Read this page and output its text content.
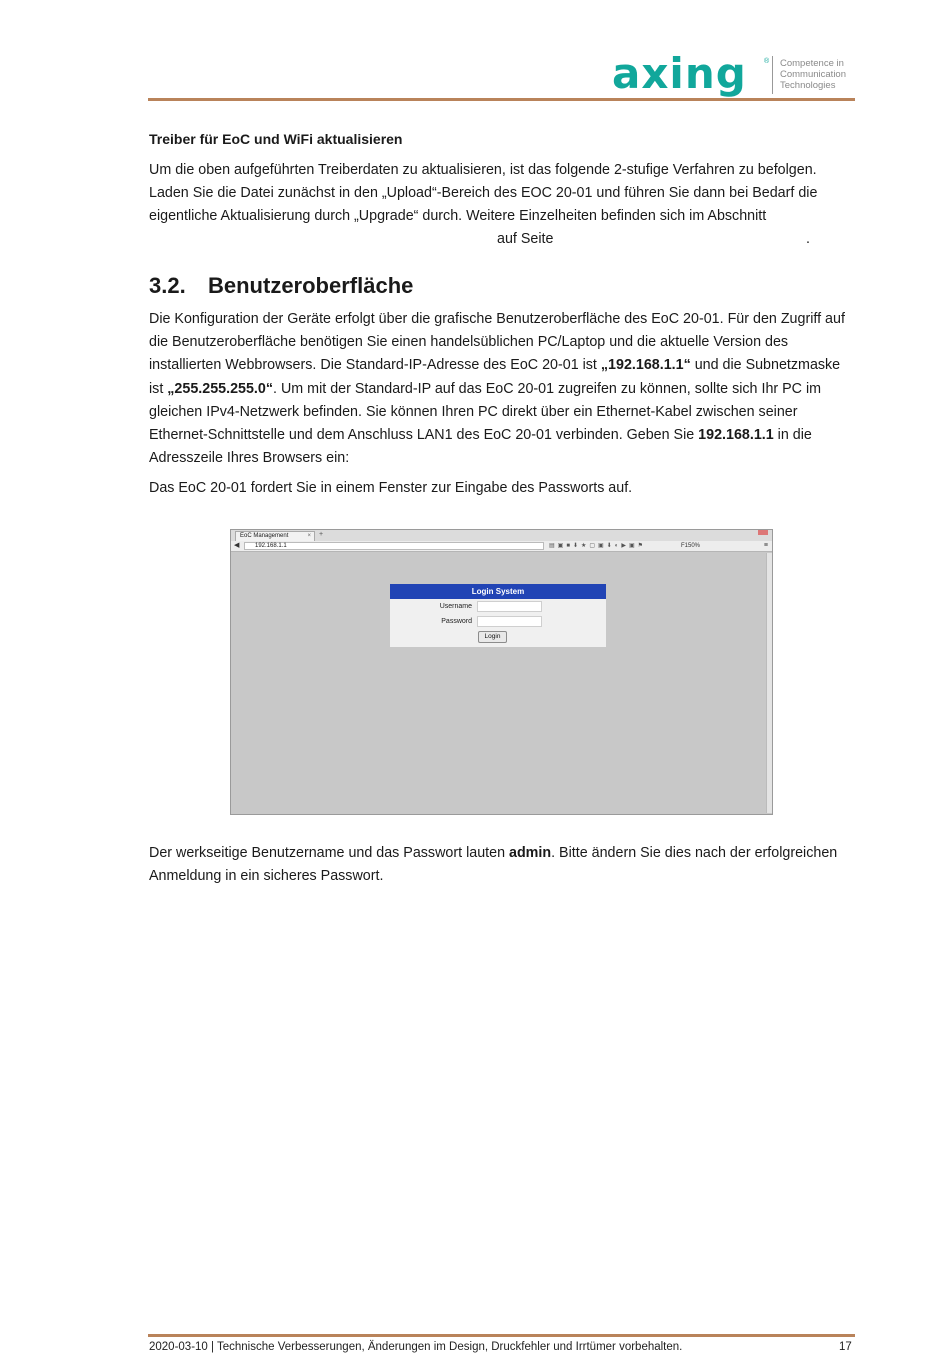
axing ® Competence in
Communication
Technologies
Treiber für EoC und WiFi aktualisieren
Um die oben aufgeführten Treiberdaten zu aktualisieren, ist das folgende 2-stufige Verfahren zu befolgen.
Laden Sie die Datei zunächst in den „Upload“-Bereich des EOC 20-01 und führen Sie dann bei Bedarf die
eigentliche Aktualisierung durch „Upgrade“ durch. Weitere Einzelheiten befinden sich im Abschnitt
auf Seite	.
3.2. Benutzeroberfläche

Die Konfiguration der Geräte erfolgt über die grafische Benutzeroberfläche des EoC 20-01. Für den Zugriff auf die Benutzeroberfläche benötigen Sie einen handelsüblichen PC/Laptop und die aktuelle Version des installierten Webbrowsers. Die Standard-IP-Adresse des EoC 20-01 ist „192.168.1.1“ und die Subnetzmaske ist „255.255.255.0“. Um mit der Standard-IP auf das EoC 20-01 zugreifen zu können, sollte sich Ihr PC im gleichen IPv4-Netzwerk befinden. Sie können Ihren PC direkt über ein Ethernet-Kabel zwischen seiner Ethernet-Schnittstelle und dem Anschluss LAN1 des EoC 20-01 verbinden. Geben Sie 192.168.1.1 in die Adresszeile Ihres Browsers ein:

Das EoC 20-01 fordert Sie in einem Fenster zur Eingabe des Passworts auf.

EoC Management	× +
◀	192.168.1.1	▤▣■⬇★▢▣⬇◐▶▣⚑	F150%	≡
Login System
Username
Password
Login

Der werkseitige Benutzername und das Passwort lauten admin. Bitte ändern Sie dies nach der erfolgreichen Anmeldung in ein sicheres Passwort.

2020-03-10 | Technische Verbesserungen, Änderungen im Design, Druckfehler und Irrtümer vorbehalten.	17
